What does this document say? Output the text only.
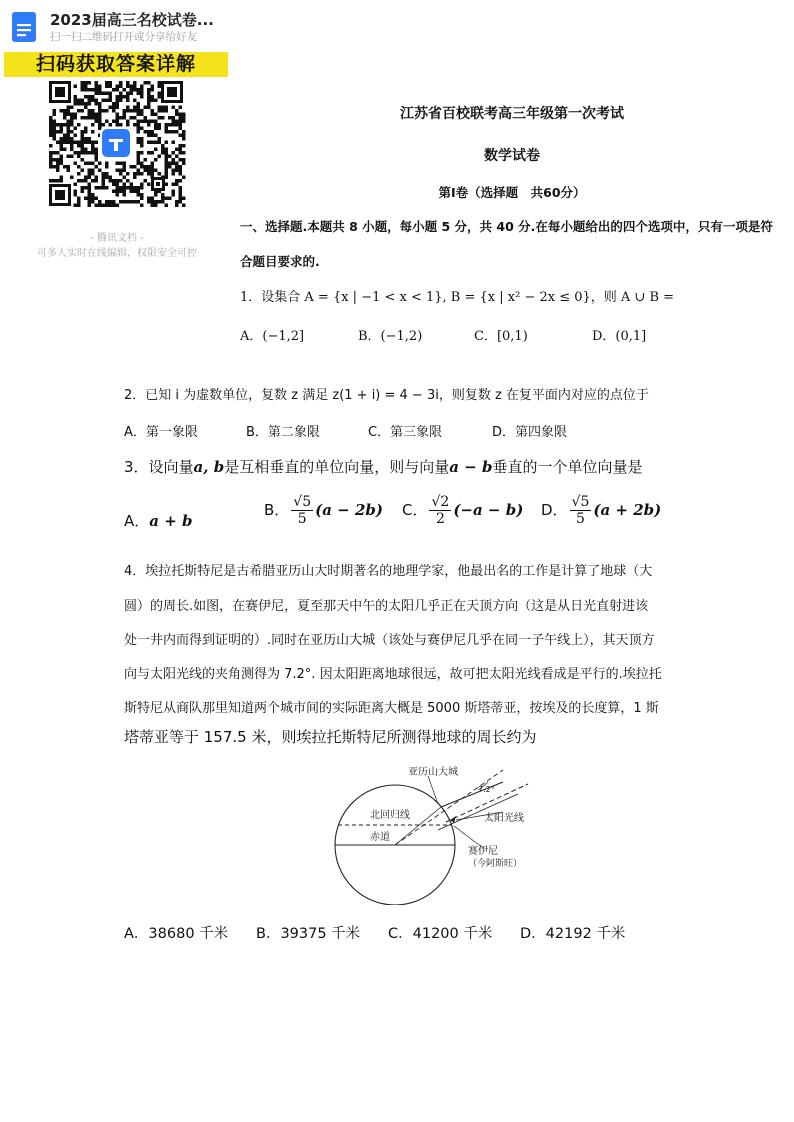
2023届高三名校试卷...
扫一扫二维码打开或分享给好友
扫码获取答案详解
- 腾讯文档 -
可多人实时在线编辑，权限安全可控
江苏省百校联考高三年级第一次考试
数学试卷
第Ⅰ卷（选择题　共60分）
一、选择题.本题共 8 小题，每小题 5 分，共 40 分.在每小题给出的四个选项中，只有一项是符
合题目要求的.
1．设集合 A = {x | −1 < x < 1}, B = {x | x² − 2x ≤ 0}，则 A ∪ B =
A．(−1,2]	B．(−1,2)	C．[0,1)	D．(0,1]
2．已知 i 为虚数单位，复数 z 满足 z(1 + i) = 4 − 3i，则复数 z 在复平面内对应的点位于
A．第一象限	B．第二象限	C．第三象限	D．第四象限
3．设向量a, b是互相垂直的单位向量，则与向量a − b垂直的一个单位向量是
A．a + b
B． $\frac{√5}{5} (a - 2b)$ C． $\frac{√2}{2} (-a - b)$ D． $\frac{√5}{5} (a + 2b)$
4．埃拉托斯特尼是古希腊亚历山大时期著名的地理学家，他最出名的工作是计算了地球（大
圆）的周长.如图，在赛伊尼，夏至那天中午的太阳几乎正在天顶方向（这是从日光直射进该
处一井内而得到证明的）.同时在亚历山大城（该处与赛伊尼几乎在同一子午线上），其天顶方
向与太阳光线的夹角测得为 7.2°. 因太阳距离地球很远，故可把太阳光线看成是平行的.埃拉托
斯特尼从商队那里知道两个城市间的实际距离大概是 5000 斯塔蒂亚，按埃及的长度算，1 斯
塔蒂亚等于 157.5 米，则埃拉托斯特尼所测得地球的周长约为
亚历山大城
7.2°
北回归线	太阳光线
赤道
赛伊尼
（今阿斯旺）
A．38680 千米 B．39375 千米 C．41200 千米 D．42192 千米
